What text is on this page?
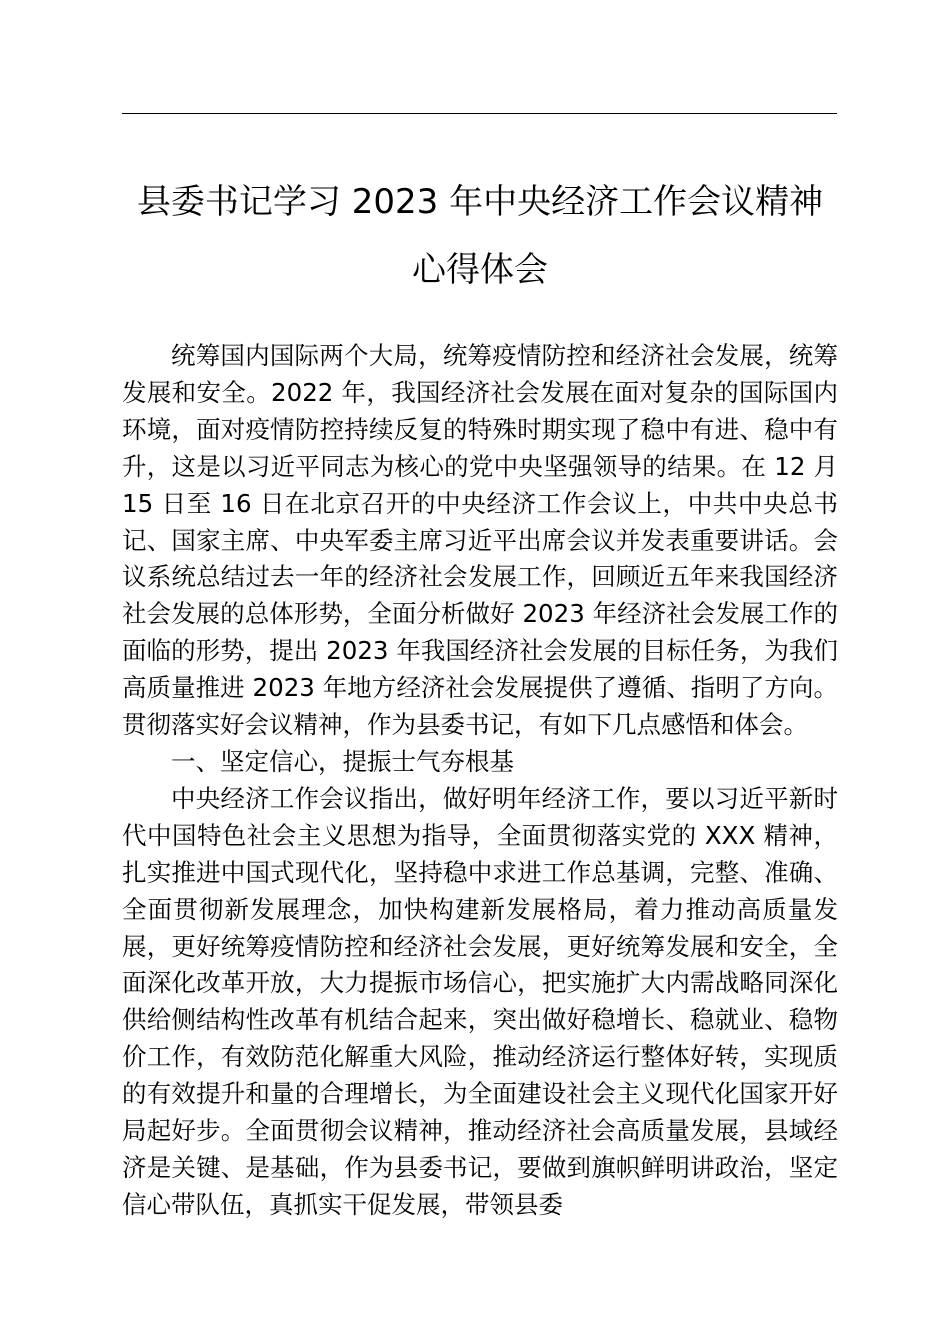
县委书记学习 2023 年中央经济工作会议精神
心得体会

统筹国内国际两个大局，统筹疫情防控和经济社会发展，统筹发展和安全。2022 年，我国经济社会发展在面对复杂的国际国内环境，面对疫情防控持续反复的特殊时期实现了稳中有进、稳中有升，这是以习近平同志为核心的党中央坚强领导的结果。在 12 月 15 日至 16 日在北京召开的中央经济工作会议上，中共中央总书记、国家主席、中央军委主席习近平出席会议并发表重要讲话。会议系统总结过去一年的经济社会发展工作，回顾近五年来我国经济社会发展的总体形势，全面分析做好 2023 年经济社会发展工作的面临的形势，提出 2023 年我国经济社会发展的目标任务，为我们高质量推进 2023 年地方经济社会发展提供了遵循、指明了方向。贯彻落实好会议精神，作为县委书记，有如下几点感悟和体会。

一、坚定信心，提振士气夯根基

中央经济工作会议指出，做好明年经济工作，要以习近平新时代中国特色社会主义思想为指导，全面贯彻落实党的 XXX 精神，扎实推进中国式现代化，坚持稳中求进工作总基调，完整、准确、全面贯彻新发展理念，加快构建新发展格局，着力推动高质量发展，更好统筹疫情防控和经济社会发展，更好统筹发展和安全，全面深化改革开放，大力提振市场信心，把实施扩大内需战略同深化供给侧结构性改革有机结合起来，突出做好稳增长、稳就业、稳物价工作，有效防范化解重大风险，推动经济运行整体好转，实现质的有效提升和量的合理增长，为全面建设社会主义现代化国家开好局起好步。全面贯彻会议精神，推动经济社会高质量发展，县域经济是关键、是基础，作为县委书记，要做到旗帜鲜明讲政治，坚定信心带队伍，真抓实干促发展，带领县委
